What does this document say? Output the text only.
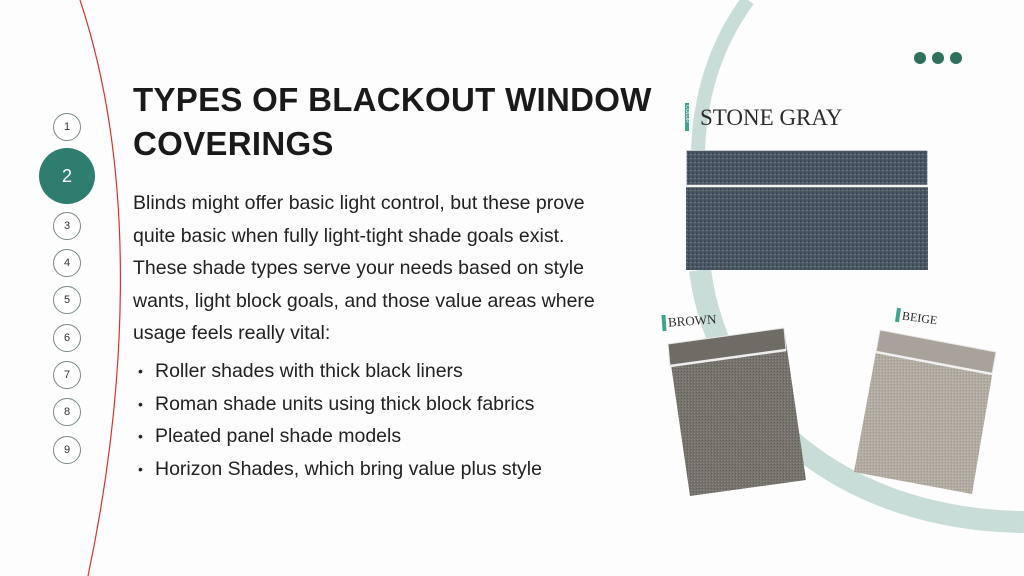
1
2
3
4
5
6
7
8
9
TYPES OF BLACKOUT WINDOW COVERINGS

Blinds might offer basic light control, but these prove quite basic when fully light-tight shade goals exist. These shade types serve your needs based on style wants, light block goals, and those value areas where usage feels really vital:

• Roller shades with thick black liners
• Roman shade units using thick block fabrics
• Pleated panel shade models
• Horizon Shades, which bring value plus style
COLOR STONE GRAY
BROWN	BEIGE
